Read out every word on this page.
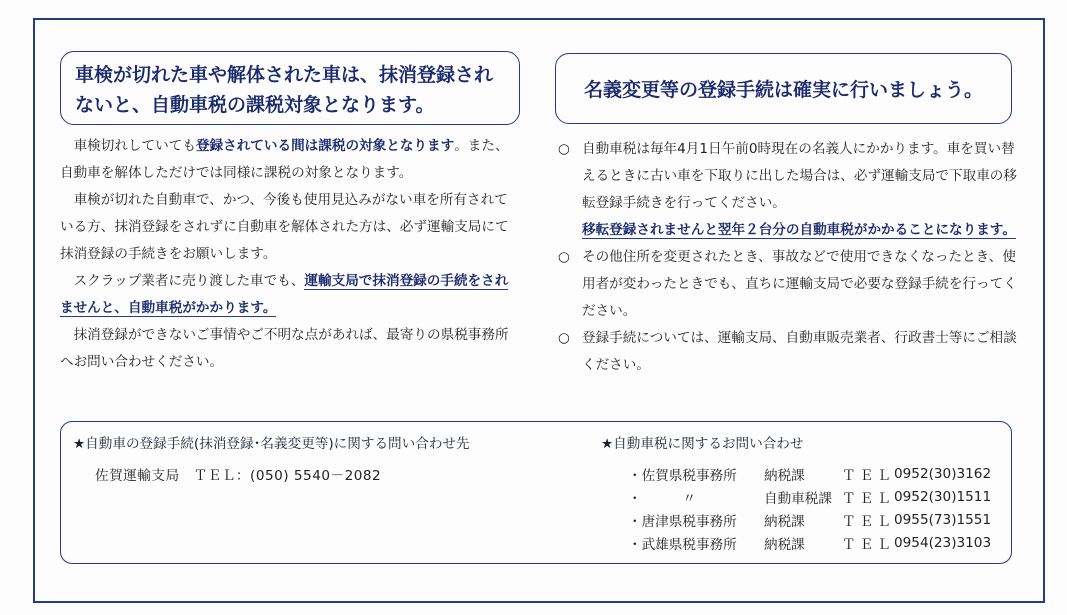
車検が切れた車や解体された車は、抹消登録されないと、自動車税の課税対象となります。
名義変更等の登録手続は確実に行いましょう。

車検切れしていても登録されている間は課税の対象となります。また、自動車を解体しただけでは同様に課税の対象となります。

車検が切れた自動車で、かつ、今後も使用見込みがない車を所有されている方、抹消登録をされずに自動車を解体された方は、必ず運輸支局にて抹消登録の手続きをお願いします。

スクラップ業者に売り渡した車でも、運輸支局で抹消登録の手続をされませんと、自動車税がかかります。

抹消登録ができないご事情やご不明な点があれば、最寄りの県税事務所へお問い合わせください。

○ 自動車税は毎年4月1日午前0時現在の名義人にかかります。車を買い替えるときに古い車を下取りに出した場合は、必ず運輸支局で下取車の移転登録手続きを行ってください。
移転登録されませんと翌年２台分の自動車税がかかることになります。
○ その他住所を変更されたとき、事故などで使用できなくなったとき、使用者が変わったときでも、直ちに運輸支局で必要な登録手続を行ってください。
○ 登録手続については、運輸支局、自動車販売業者、行政書士等にご相談ください。
★自動車の登録手続(抹消登録･名義変更等)に関する問い合わせ先
佐賀運輸支局　ＴＥＬ：(050) 5540－2082
★自動車税に関するお問い合わせ
・佐賀県税事務所	納税課	ＴＥＬ 0952(30)3162
・　　　〃	自動車税課 ＴＥＬ 0952(30)1511
・唐津県税事務所	納税課	ＴＥＬ 0955(73)1551
・武雄県税事務所	納税課	ＴＥＬ 0954(23)3103
